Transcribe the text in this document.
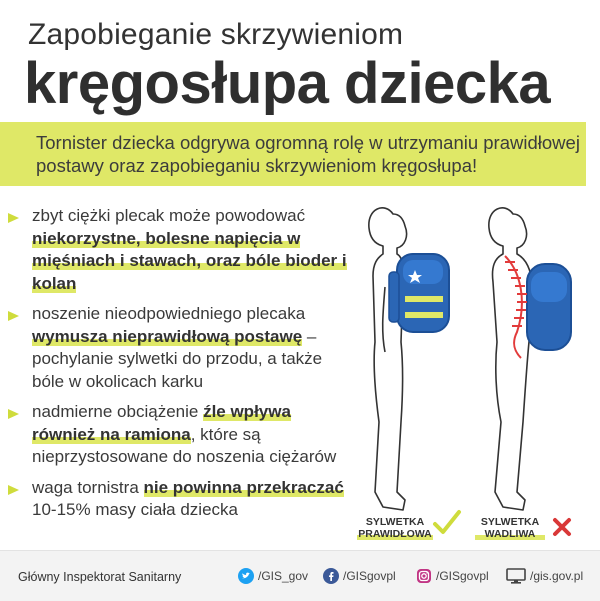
Zapobieganie skrzywieniom
kręgosłupa dziecka
Tornister dziecka odgrywa ogromną rolę w utrzymaniu prawidłowej postawy oraz zapobieganiu skrzywieniom kręgosłupa!
zbyt ciężki plecak może powodować niekorzystne, bolesne napięcia w mięśniach i stawach, oraz bóle bioder i kolan
noszenie nieodpowiedniego plecaka wymusza nieprawidłową postawę – pochylanie sylwetki do przodu, a także bóle w okolicach karku
nadmierne obciążenie źle wpływa również na ramiona, które są nieprzystosowane do noszenia ciężarów
waga tornistra nie powinna przekraczać 10-15% masy ciała dziecka
SYLWETKA PRAWIDŁOWA
SYLWETKA WADLIWA
Główny Inspektorat Sanitarny	/GIS_gov	/GISgovpl	/GISgovpl	/gis.gov.pl
